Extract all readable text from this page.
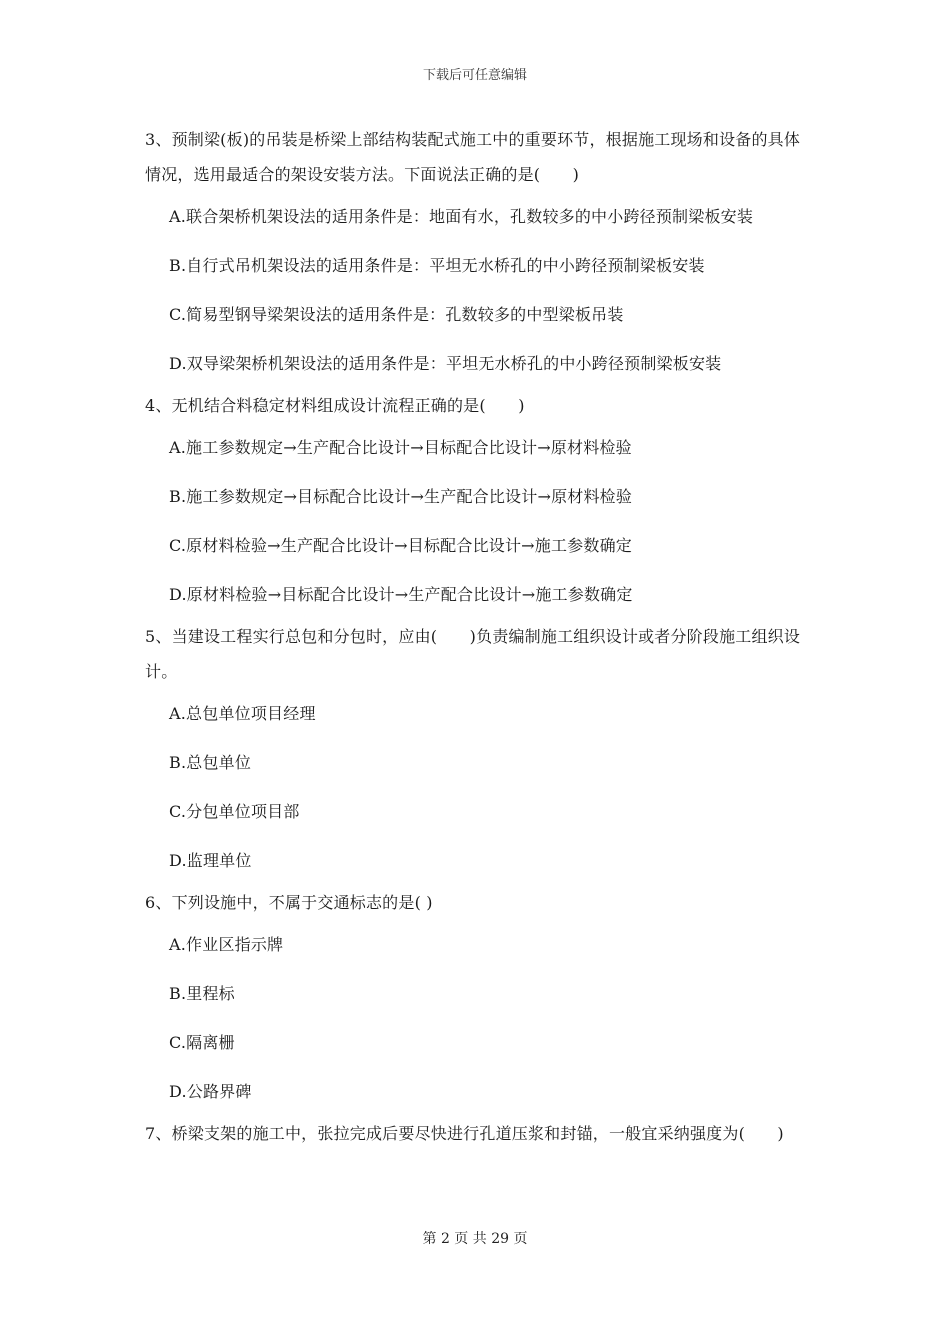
下载后可任意编辑

3、预制梁(板)的吊装是桥梁上部结构装配式施工中的重要环节，根据施工现场和设备的具体情况，选用最适合的架设安装方法。下面说法正确的是(　　)

A.联合架桥机架设法的适用条件是：地面有水，孔数较多的中小跨径预制梁板安装

B.自行式吊机架设法的适用条件是：平坦无水桥孔的中小跨径预制梁板安装

C.简易型钢导梁架设法的适用条件是：孔数较多的中型梁板吊装

D.双导梁架桥机架设法的适用条件是：平坦无水桥孔的中小跨径预制梁板安装

4、无机结合料稳定材料组成设计流程正确的是(　　)

A.施工参数规定→生产配合比设计→目标配合比设计→原材料检验

B.施工参数规定→目标配合比设计→生产配合比设计→原材料检验

C.原材料检验→生产配合比设计→目标配合比设计→施工参数确定

D.原材料检验→目标配合比设计→生产配合比设计→施工参数确定

5、当建设工程实行总包和分包时，应由(　　)负责编制施工组织设计或者分阶段施工组织设计。

A.总包单位项目经理

B.总包单位

C.分包单位项目部

D.监理单位

6、下列设施中，不属于交通标志的是( )

A.作业区指示牌

B.里程标

C.隔离栅

D.公路界碑

7、桥梁支架的施工中，张拉完成后要尽快进行孔道压浆和封锚，一般宜采纳强度为(　　)

第 2 页 共 29 页
